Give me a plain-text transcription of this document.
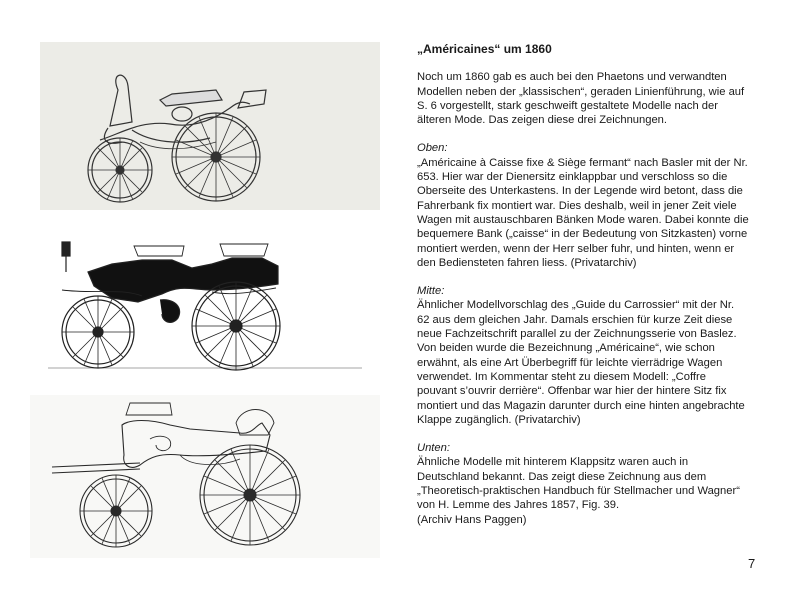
„Américaines“ um 1860

Noch um 1860 gab es auch bei den Phaetons und verwandten
Modellen neben der „klassischen“, geraden Linienführung, wie auf
S. 6 vorgestellt, stark geschweift gestaltete Modelle nach der
älteren Mode. Das zeigen diese drei Zeichnungen.

Oben:

„Américaine à Caisse fixe & Siège fermant“ nach Basler mit der Nr.
653. Hier war der Dienersitz einklappbar und verschloss so die
Oberseite des Unterkastens. In der Legende wird betont, dass die
Fahrerbank fix montiert war. Dies deshalb, weil in jener Zeit viele
Wagen mit austauschbaren Bänken Mode waren. Dabei konnte die
bequemere Bank („caisse“ in der Bedeutung von Sitzkasten) vorne
montiert werden, wenn der Herr selber fuhr, und hinten, wenn er
den Bediensteten fahren liess. (Privatarchiv)

Mitte:

Ähnlicher Modellvorschlag des „Guide du Carrossier“ mit der Nr.
62 aus dem gleichen Jahr. Damals erschien für kurze Zeit diese
neue Fachzeitschrift parallel zu der Zeichnungsserie von Baslez.
Von beiden wurde die Bezeichnung „Américaine“, wie schon
erwähnt, als eine Art Überbegriff für leichte vierrädrige Wagen
verwendet. Im Kommentar steht zu diesem Modell: „Coffre
pouvant s’ouvrir derrière“. Offenbar war hier der hintere Sitz fix
montiert und das Magazin darunter durch eine hinten angebrachte
Klappe zugänglich. (Privatarchiv)

Unten:

Ähnliche Modelle mit hinterem Klappsitz waren auch in
Deutschland bekannt. Das zeigt diese Zeichnung aus dem
„Theoretisch-praktischen Handbuch für Stellmacher und Wagner“
von H. Lemme des Jahres 1857, Fig. 39.
(Archiv Hans Paggen)

7
